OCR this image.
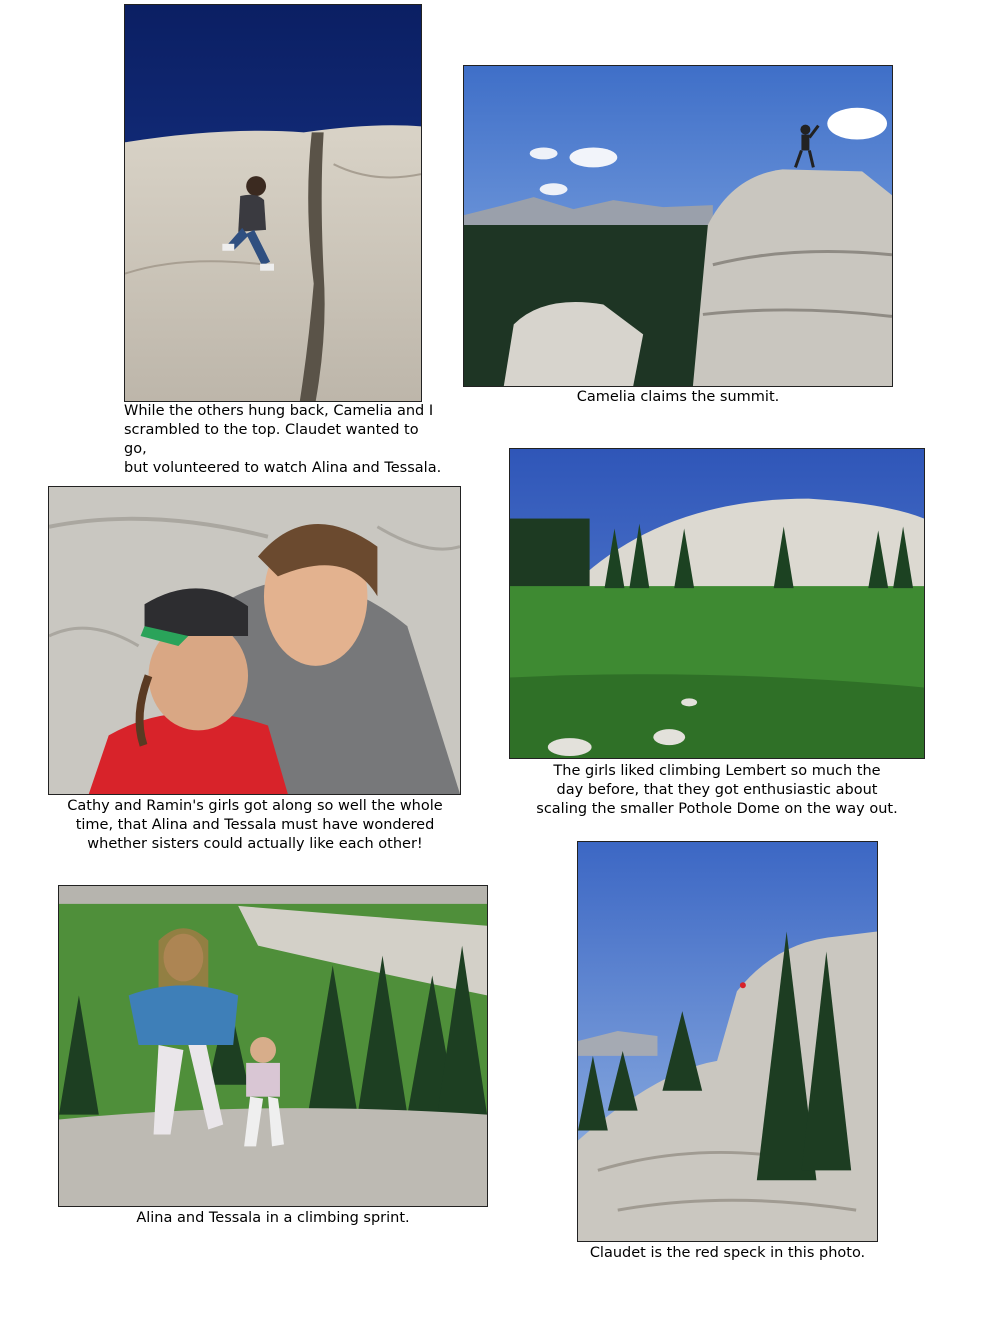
While the others hung back, Camelia and I
scrambled to the top. Claudet wanted to go,
but volunteered to watch Alina and Tessala.
Camelia claims the summit.
Cathy and Ramin's girls got along so well the whole
time, that Alina and Tessala must have wondered
whether sisters could actually like each other!
The girls liked climbing Lembert so much the
day before, that they got enthusiastic about
scaling the smaller Pothole Dome on the way out.
Alina and Tessala in a climbing sprint.
Claudet is the red speck in this photo.
